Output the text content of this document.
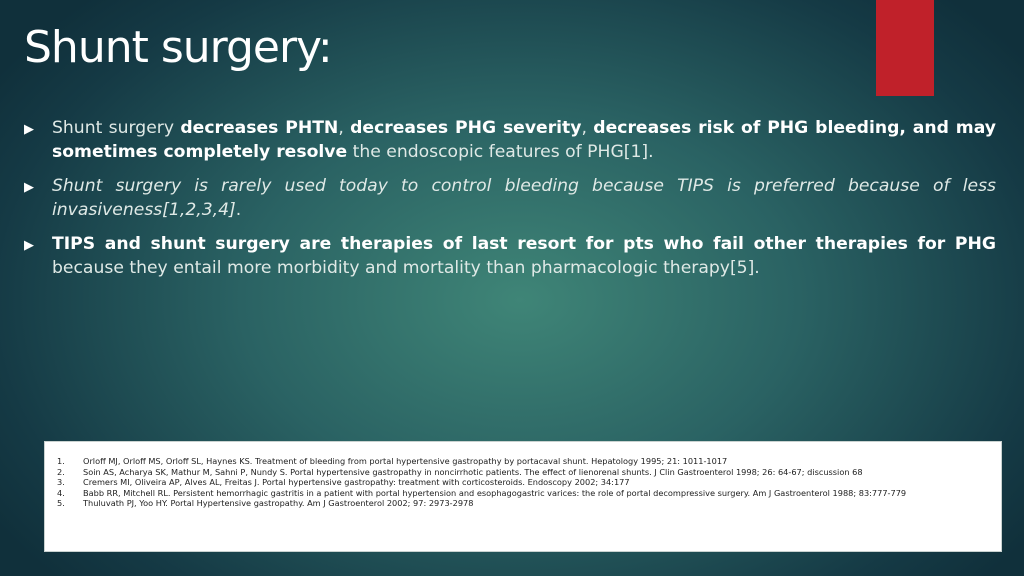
Shunt surgery:
▶	Shunt surgery decreases PHTN, decreases PHG severity, decreases risk of PHG bleeding, and may sometimes completely resolve the endoscopic features of PHG[1].
▶	Shunt surgery is rarely used today to control bleeding because TIPS is preferred because of less invasiveness[1,2,3,4].
▶	TIPS and shunt surgery are therapies of last resort for pts who fail other therapies for PHG because they entail more morbidity and mortality than pharmacologic therapy[5].
1.	Orloff MJ, Orloff MS, Orloff SL, Haynes KS. Treatment of bleeding from portal hypertensive gastropathy by portacaval shunt. Hepatology 1995; 21: 1011-1017
2.	Soin AS, Acharya SK, Mathur M, Sahni P, Nundy S. Portal hypertensive gastropathy in noncirrhotic patients. The effect of lienorenal shunts. J Clin Gastroenterol 1998; 26: 64-67; discussion 68
3.	Cremers MI, Oliveira AP, Alves AL, Freitas J. Portal hypertensive gastropathy: treatment with corticosteroids. Endoscopy 2002; 34:177
4.	Babb RR, Mitchell RL. Persistent hemorrhagic gastritis in a patient with portal hypertension and esophagogastric varices: the role of portal decompressive surgery. Am J Gastroenterol 1988; 83:777-779
5.	Thuluvath PJ, Yoo HY. Portal Hypertensive gastropathy. Am J Gastroenterol 2002; 97: 2973-2978
